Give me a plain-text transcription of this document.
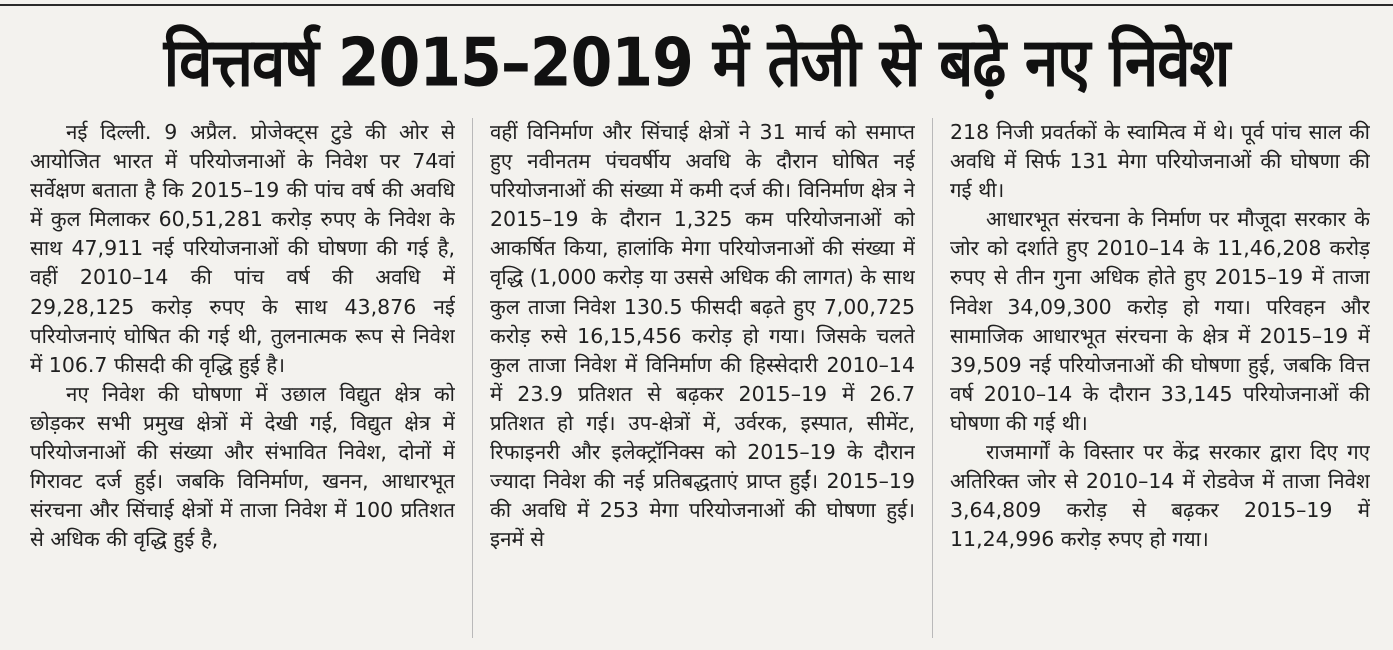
वित्तवर्ष 2015–2019 में तेजी से बढ़े नए निवेश

नई दिल्ली. 9 अप्रैल. प्रोजेक्ट्स टुडे की ओर से आयोजित भारत में परियोजनाओं के निवेश पर 74वां सर्वेक्षण बताता है कि 2015–19 की पांच वर्ष की अवधि में कुल मिलाकर 60,51,281 करोड़ रुपए के निवेश के साथ 47,911 नई परियोजनाओं की घोषणा की गई है, वहीं 2010–14 की पांच वर्ष की अवधि में 29,28,125 करोड़ रुपए के साथ 43,876 नई परियोजनाएं घोषित की गई थी, तुलनात्मक रूप से निवेश में 106.7 फीसदी की वृद्धि हुई है।

नए निवेश की घोषणा में उछाल विद्युत क्षेत्र को छोड़कर सभी प्रमुख क्षेत्रों में देखी गई, विद्युत क्षेत्र में परियोजनाओं की संख्या और संभावित निवेश, दोनों में गिरावट दर्ज हुई। जबकि विनिर्माण, खनन, आधारभूत संरचना और सिंचाई क्षेत्रों में ताजा निवेश में 100 प्रतिशत से अधिक की वृद्धि हुई है,

वहीं विनिर्माण और सिंचाई क्षेत्रों ने 31 मार्च को समाप्त हुए नवीनतम पंचवर्षीय अवधि के दौरान घोषित नई परियोजनाओं की संख्या में कमी दर्ज की। विनिर्माण क्षेत्र ने 2015–19 के दौरान 1,325 कम परियोजनाओं को आकर्षित किया, हालांकि मेगा परियोजनाओं की संख्या में वृद्धि (1,000 करोड़ या उससे अधिक की लागत) के साथ कुल ताजा निवेश 130.5 फीसदी बढ़ते हुए 7,00,725 करोड़ रुसे 16,15,456 करोड़ हो गया। जिसके चलते कुल ताजा निवेश में विनिर्माण की हिस्सेदारी 2010–14 में 23.9 प्रतिशत से बढ़कर 2015–19 में 26.7 प्रतिशत हो गई। उप-क्षेत्रों में, उर्वरक, इस्पात, सीमेंट, रिफाइनरी और इलेक्ट्रॉनिक्स को 2015–19 के दौरान ज्यादा निवेश की नई प्रतिबद्धताएं प्राप्त हुईं। 2015–19 की अवधि में 253 मेगा परियोजनाओं की घोषणा हुई। इनमें से

218 निजी प्रवर्तकों के स्वामित्व में थे। पूर्व पांच साल की अवधि में सिर्फ 131 मेगा परियोजनाओं की घोषणा की गई थी।

आधारभूत संरचना के निर्माण पर मौजूदा सरकार के जोर को दर्शाते हुए 2010–14 के 11,46,208 करोड़ रुपए से तीन गुना अधिक होते हुए 2015–19 में ताजा निवेश 34,09,300 करोड़ हो गया। परिवहन और सामाजिक आधारभूत संरचना के क्षेत्र में 2015–19 में 39,509 नई परियोजनाओं की घोषणा हुई, जबकि वित्त वर्ष 2010–14 के दौरान 33,145 परियोजनाओं की घोषणा की गई थी।

राजमार्गों के विस्तार पर केंद्र सरकार द्वारा दिए गए अतिरिक्त जोर से 2010–14 में रोडवेज में ताजा निवेश 3,64,809 करोड़ से बढ़कर 2015–19 में 11,24,996 करोड़ रुपए हो गया।
